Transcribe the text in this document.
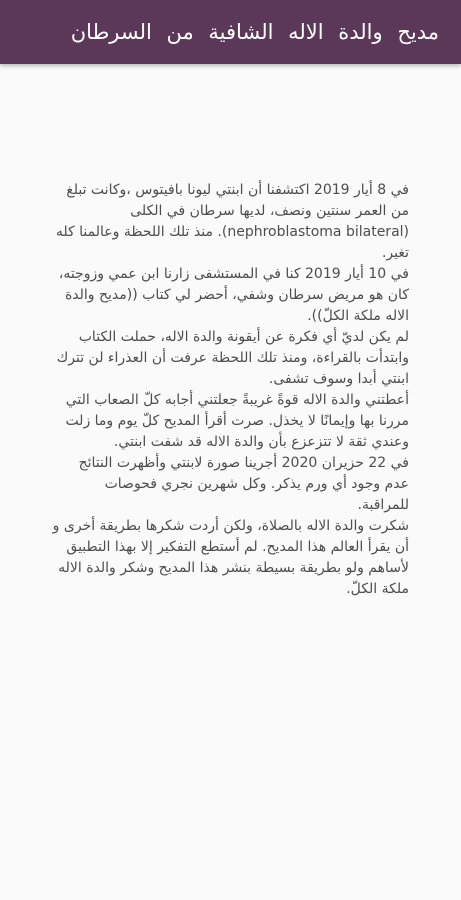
مديح والدة الاله الشافية من السرطان

في 8 أيار 2019 اكتشفنا أن ابنتي ليونا بافيتوس ،وكانت تبلغ من العمر سنتين ونصف، لديها سرطان في الكلى (nephroblastoma bilateral). منذ تلك اللحظة وعالمنا كله تغير.

في 10 أيار 2019 كنا في المستشفى زارنا ابن عمي وزوجته، كان هو مريض سرطان وشفي، أحضر لي كتاب ((مديح والدة الاله ملكة الكلّ)).

لم يكن لديّ أي فكرة عن أيقونة والدة الاله، حملت الكتاب وابتدأت بالقراءة، ومنذ تلك اللحظة عرفت أن العذراء لن تترك ابنتي أبدا وسوف تشفى.

أعطتني والدة الاله قوةً غريبةً جعلتني أجابه كلّ الصعاب التي مررنا بها وإيمانًا لا يخذل. صرت أقرأ المديح كلّ يوم وما زلت وعندي ثقة لا تتزعزع بأن والدة الاله قد شفت ابنتي.

في 22 حزيران 2020 أجرينا صورة لابنتي وأظهرت النتائج عدم وجود أي ورم يذكر. وكل شهرين نجري فحوصات للمراقبة.

شكرت والدة الاله بالصلاة، ولكن أردت شكرها بطريقة أخرى و أن يقرأ العالم هذا المديح. لم أستطع التفكير إلا بهذا التطبيق لأساهم ولو بطريقة بسيطة بنشر هذا المديح وشكر والدة الاله ملكة الكلّ.
